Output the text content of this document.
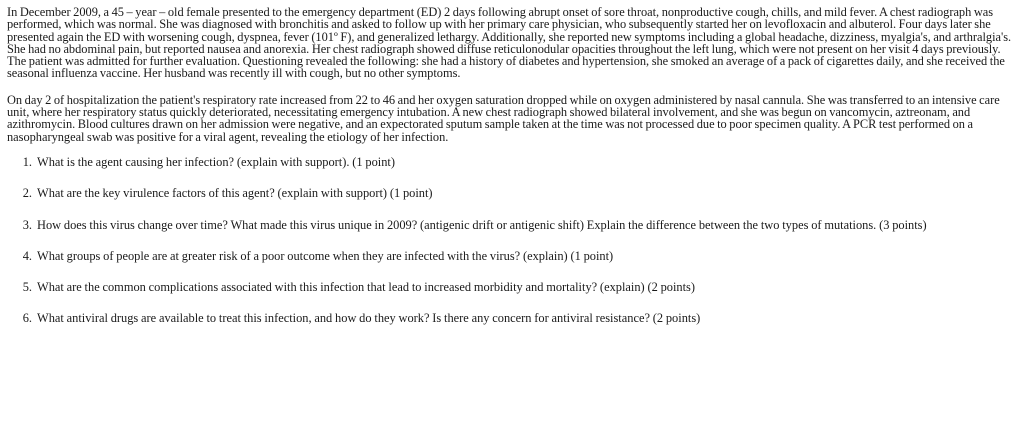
In December 2009, a 45 – year – old female presented to the emergency department (ED) 2 days following abrupt onset of sore throat, nonproductive cough, chills, and mild fever. A chest radiograph was performed, which was normal. She was diagnosed with bronchitis and asked to follow up with her primary care physician, who subsequently started her on levofloxacin and albuterol. Four days later she presented again the ED with worsening cough, dyspnea, fever (101º F), and generalized lethargy. Additionally, she reported new symptoms including a global headache, dizziness, myalgia's, and arthralgia's. She had no abdominal pain, but reported nausea and anorexia. Her chest radiograph showed diffuse reticulonodular opacities throughout the left lung, which were not present on her visit 4 days previously. The patient was admitted for further evaluation. Questioning revealed the following: she had a history of diabetes and hypertension, she smoked an average of a pack of cigarettes daily, and she received the seasonal influenza vaccine. Her husband was recently ill with cough, but no other symptoms.

On day 2 of hospitalization the patient's respiratory rate increased from 22 to 46 and her oxygen saturation dropped while on oxygen administered by nasal cannula. She was transferred to an intensive care unit, where her respiratory status quickly deteriorated, necessitating emergency intubation. A new chest radiograph showed bilateral involvement, and she was begun on vancomycin, aztreonam, and azithromycin. Blood cultures drawn on her admission were negative, and an expectorated sputum sample taken at the time was not processed due to poor specimen quality. A PCR test performed on a nasopharyngeal swab was positive for a viral agent, revealing the etiology of her infection.

1. What is the agent causing her infection? (explain with support). (1 point)
2. What are the key virulence factors of this agent? (explain with support) (1 point)
3. How does this virus change over time? What made this virus unique in 2009? (antigenic drift or antigenic shift) Explain the difference between the two types of mutations. (3 points)
4. What groups of people are at greater risk of a poor outcome when they are infected with the virus? (explain) (1 point)
5. What are the common complications associated with this infection that lead to increased morbidity and mortality? (explain) (2 points)
6. What antiviral drugs are available to treat this infection, and how do they work? Is there any concern for antiviral resistance? (2 points)
